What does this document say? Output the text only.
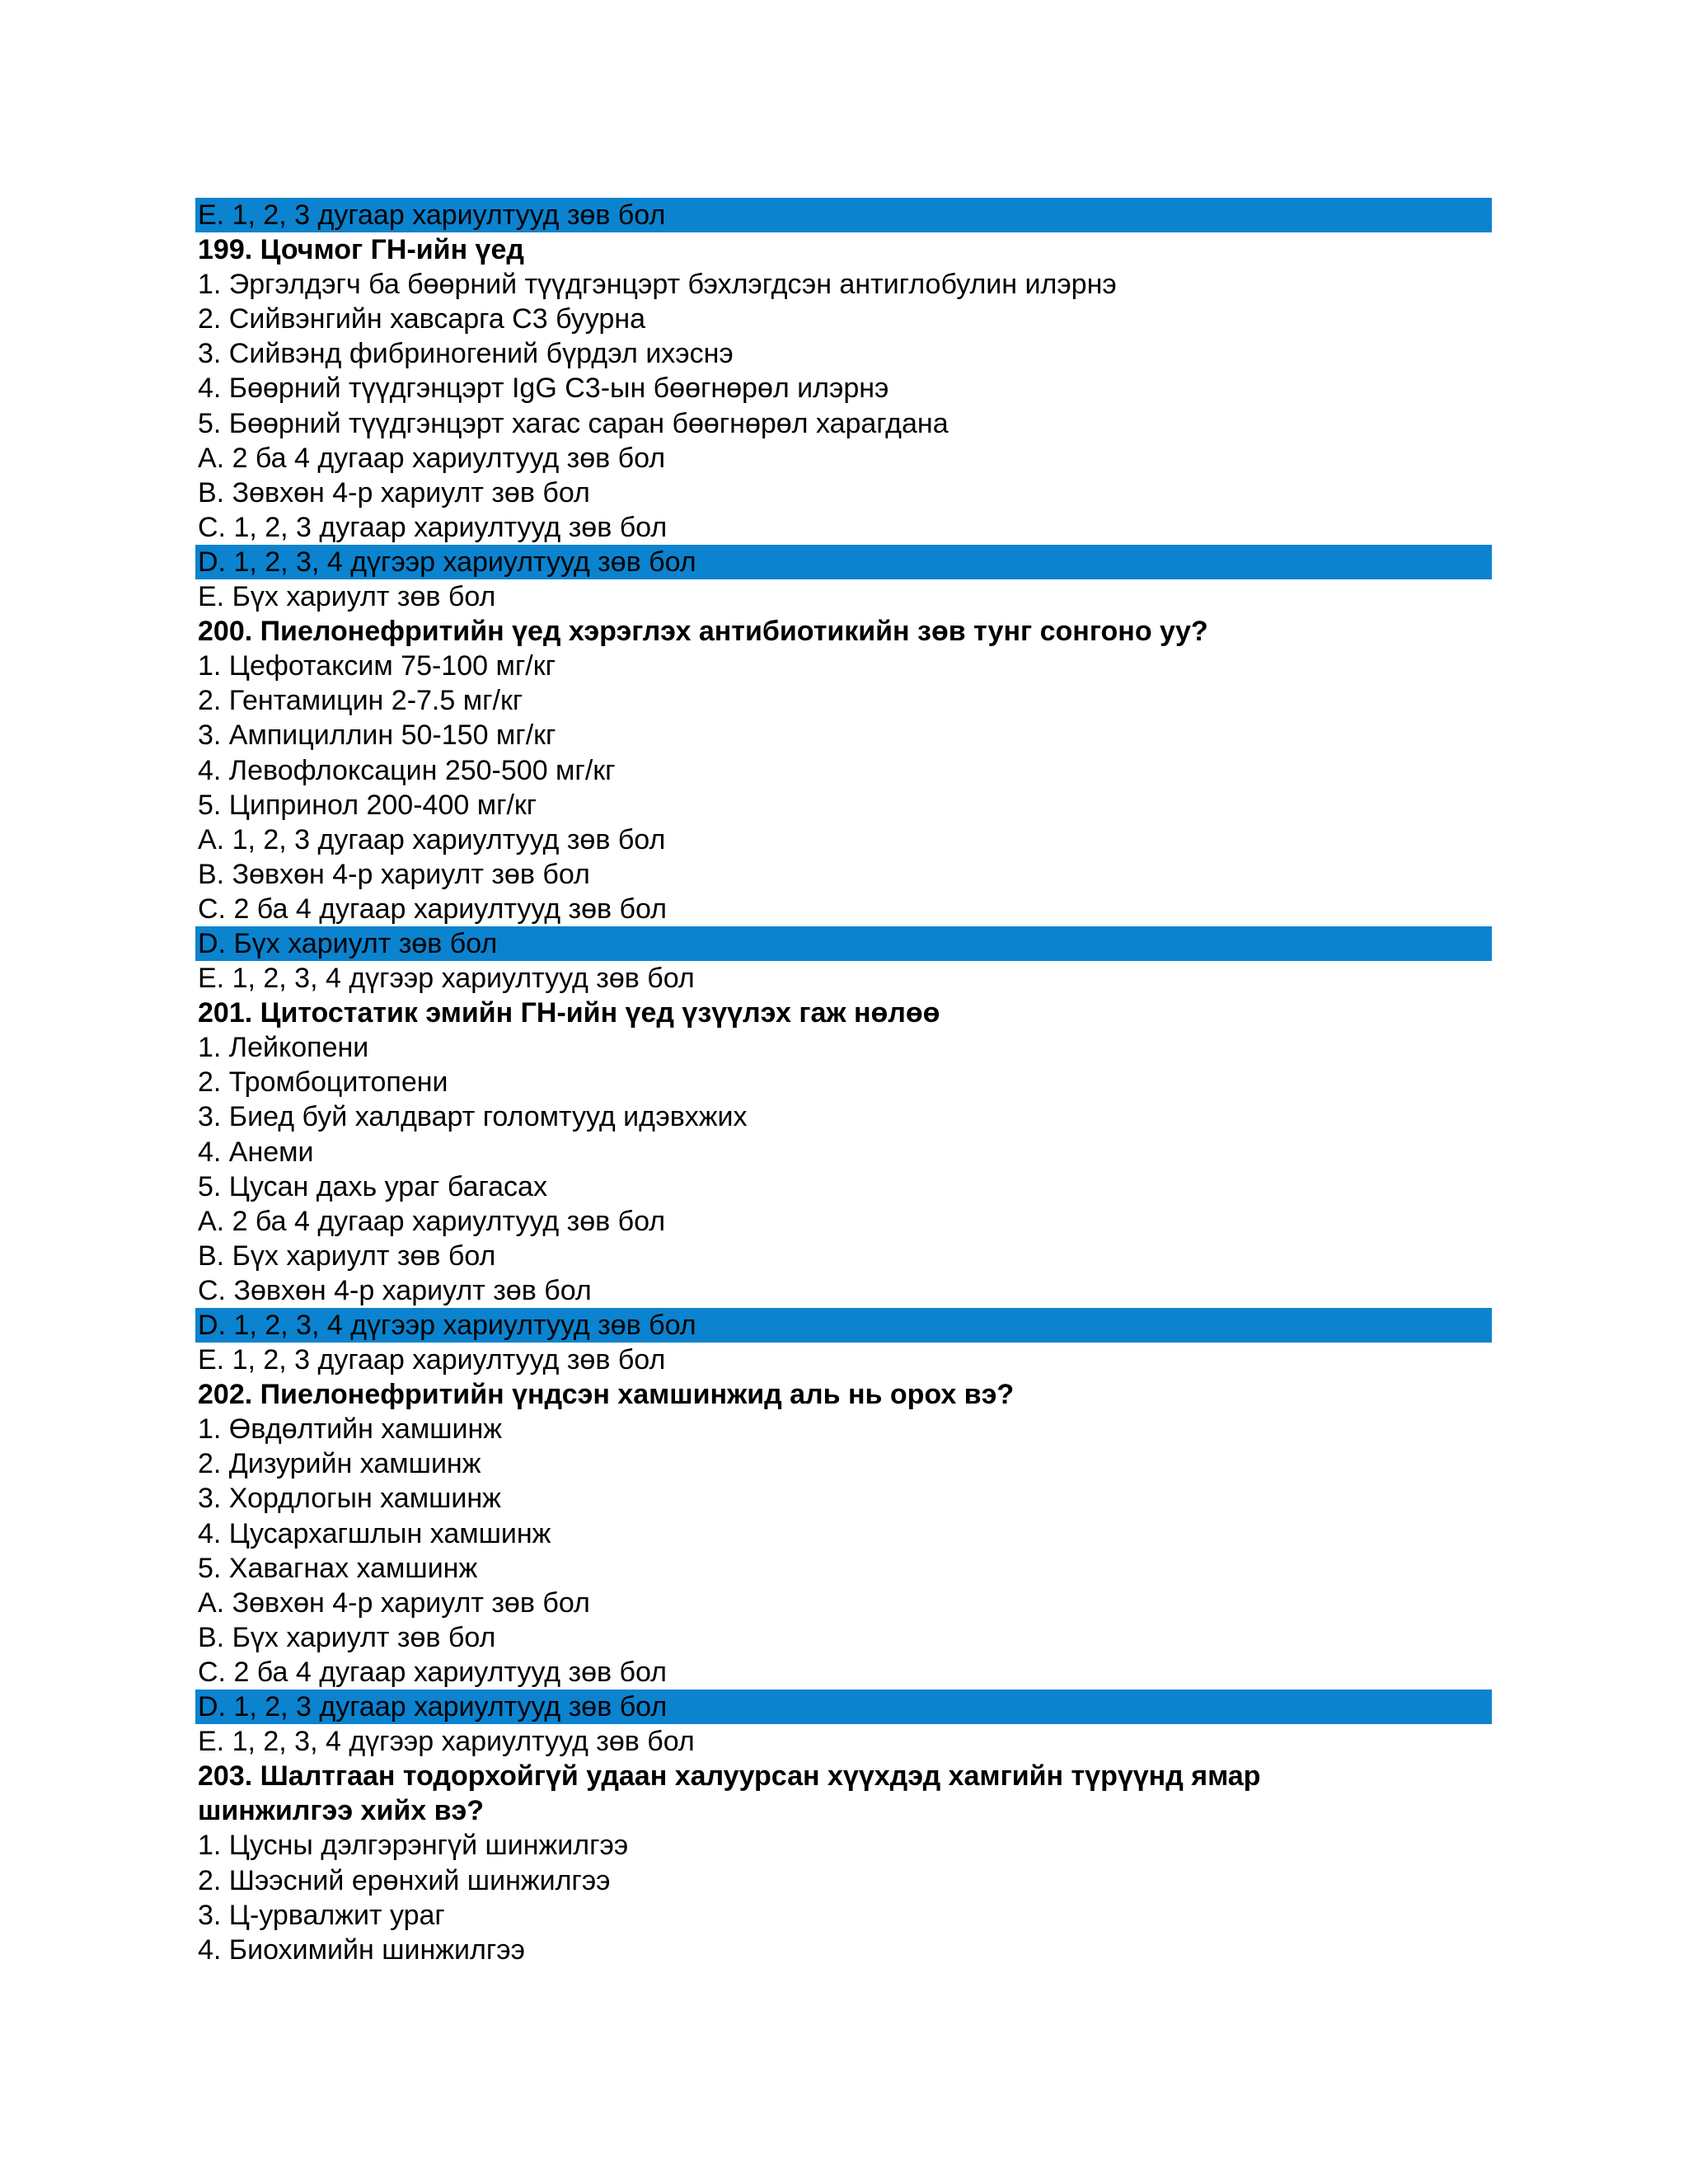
E. 1, 2, 3 дугаар хариултууд зөв бол
199. Цочмог ГН-ийн үед
1. Эргэлдэгч ба бөөрний түүдгэнцэрт бэхлэгдсэн антиглобулин илэрнэ
2. Сийвэнгийн хавсарга С3 буурна
3. Сийвэнд фибриногений бүрдэл ихэснэ
4. Бөөрний түүдгэнцэрт IgG C3-ын бөөгнөрөл илэрнэ
5. Бөөрний түүдгэнцэрт хагас саран бөөгнөрөл харагдана
A. 2 ба 4 дугаар хариултууд зөв бол
B. Зөвхөн 4-р хариулт зөв бол
C. 1, 2, 3 дугаар хариултууд зөв бол
D. 1, 2, 3, 4 дүгээр хариултууд зөв бол
E. Бүх хариулт зөв бол
200. Пиелонефритийн үед хэрэглэх антибиотикийн зөв тунг сонгоно уу?
1. Цефотаксим 75-100 мг/кг
2. Гентамицин 2-7.5 мг/кг
3. Ампициллин 50-150 мг/кг
4. Левофлоксацин 250-500 мг/кг
5. Ципринол 200-400 мг/кг
A. 1, 2, 3 дугаар хариултууд зөв бол
B. Зөвхөн 4-р хариулт зөв бол
C. 2 ба 4 дугаар хариултууд зөв бол
D. Бүх хариулт зөв бол
E. 1, 2, 3, 4 дүгээр хариултууд зөв бол
201. Цитостатик эмийн ГН-ийн үед үзүүлэх гаж нөлөө
1. Лейкопени
2. Тромбоцитопени
3. Биед буй халдварт голомтууд идэвхжих
4. Анеми
5. Цусан дахь ураг багасах
A. 2 ба 4 дугаар хариултууд зөв бол
B. Бүх хариулт зөв бол
C. Зөвхөн 4-р хариулт зөв бол
D. 1, 2, 3, 4 дүгээр хариултууд зөв бол
E. 1, 2, 3 дугаар хариултууд зөв бол
202. Пиелонефритийн үндсэн хамшинжид аль нь орох вэ?
1. Өвдөлтийн хамшинж
2. Дизурийн хамшинж
3. Хордлогын хамшинж
4. Цусархагшлын хамшинж
5. Хавагнах хамшинж
A. Зөвхөн 4-р хариулт зөв бол
B. Бүх хариулт зөв бол
C. 2 ба 4 дугаар хариултууд зөв бол
D. 1, 2, 3 дугаар хариултууд зөв бол
E. 1, 2, 3, 4 дүгээр хариултууд зөв бол
203. Шалтгаан тодорхойгүй удаан халуурсан хүүхдэд хамгийн түрүүнд ямар
шинжилгээ хийх вэ?
1. Цусны дэлгэрэнгүй шинжилгээ
2. Шээсний ерөнхий шинжилгээ
3. Ц-урвалжит ураг
4. Биохимийн шинжилгээ
